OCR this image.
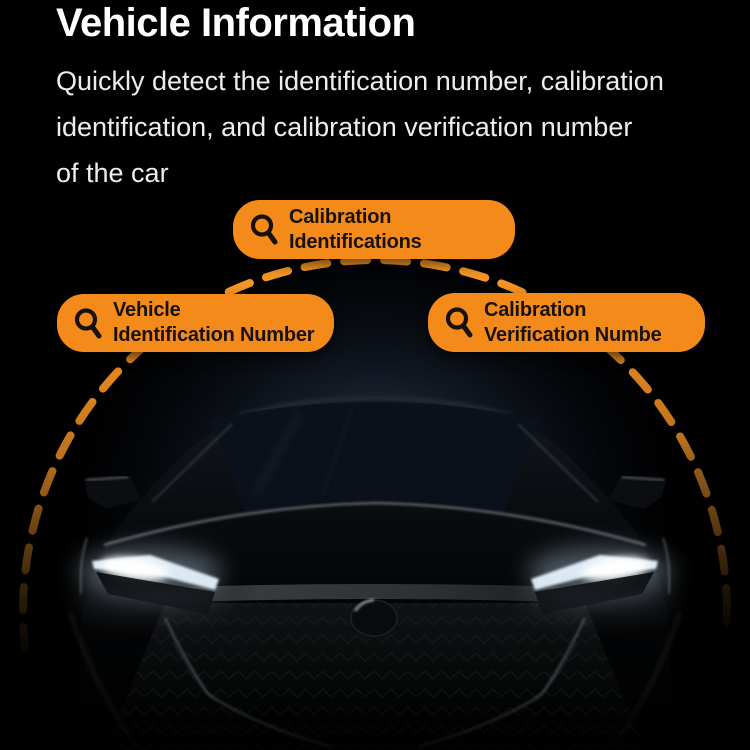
Vehicle Information
Quickly detect the identification number, calibration
identification, and calibration verification number
of the car
Calibration
Identifications
Vehicle
Identification Number
Calibration
Verification Numbe
